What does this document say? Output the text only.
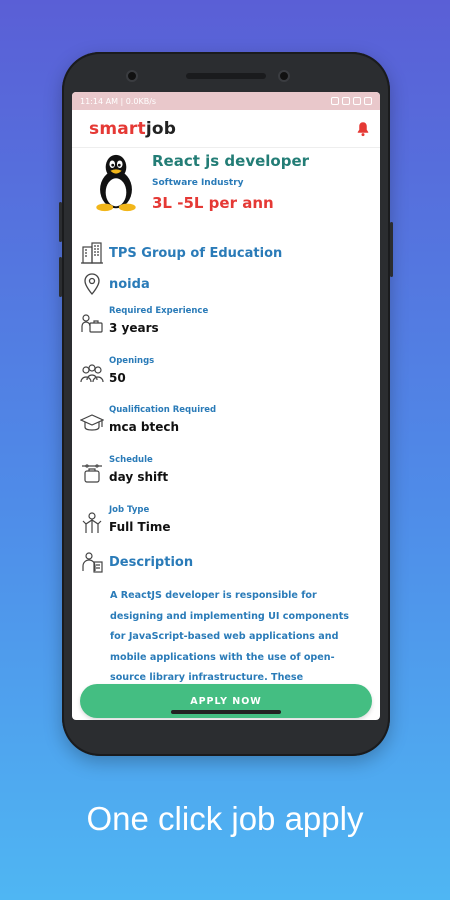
11:14 AM | 0.0KB/s
smartjob
React js developer
Software Industry
3L -5L per ann
TPS Group of Education
noida
Required Experience
3 years
Openings
50
Qualification Required
mca btech
Schedule
day shift
Job Type
Full Time
Description
A ReactJS developer is responsible for designing and implementing UI components for JavaScript-based web applications and mobile applications with the use of open-source library infrastructure. These
APPLY NOW
One click job apply
